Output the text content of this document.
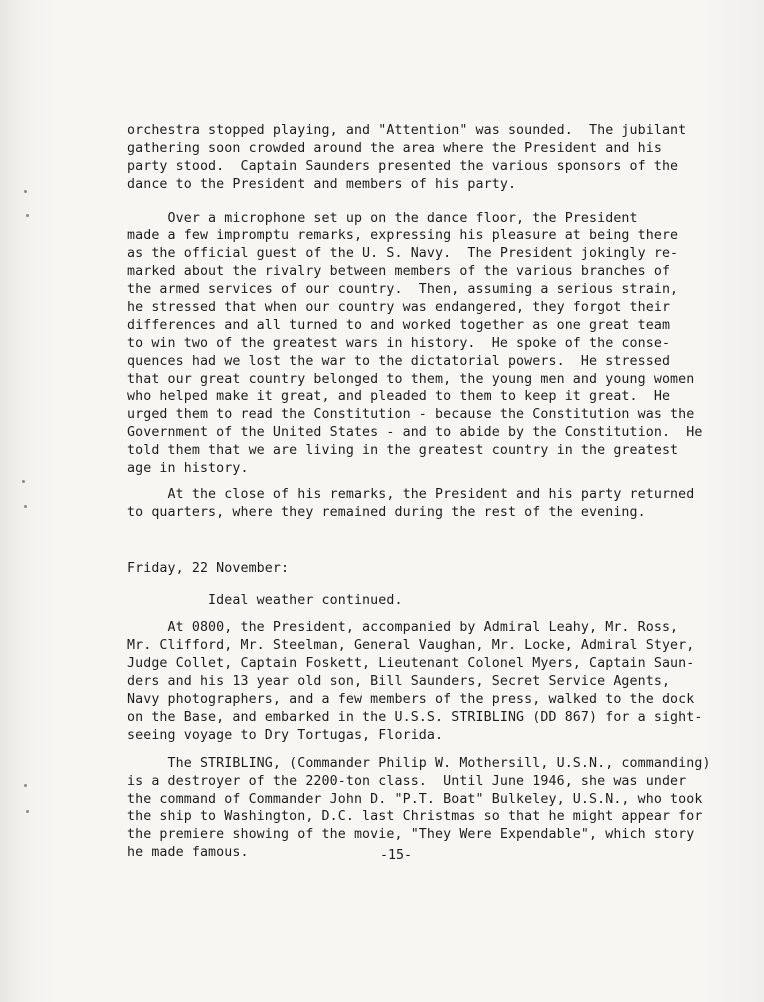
orchestra stopped playing, and "Attention" was sounded.  The jubilant
gathering soon crowded around the area where the President and his
party stood.  Captain Saunders presented the various sponsors of the
dance to the President and members of his party.
Over a microphone set up on the dance floor, the President
made a few impromptu remarks, expressing his pleasure at being there
as the official guest of the U. S. Navy.  The President jokingly re-
marked about the rivalry between members of the various branches of
the armed services of our country.  Then, assuming a serious strain,
he stressed that when our country was endangered, they forgot their
differences and all turned to and worked together as one great team
to win two of the greatest wars in history.  He spoke of the conse-
quences had we lost the war to the dictatorial powers.  He stressed
that our great country belonged to them, the young men and young women
who helped make it great, and pleaded to them to keep it great.  He
urged them to read the Constitution - because the Constitution was the
Government of the United States - and to abide by the Constitution.  He
told them that we are living in the greatest country in the greatest
age in history.
At the close of his remarks, the President and his party returned
to quarters, where they remained during the rest of the evening.
Friday, 22 November:
Ideal weather continued.
At 0800, the President, accompanied by Admiral Leahy, Mr. Ross,
Mr. Clifford, Mr. Steelman, General Vaughan, Mr. Locke, Admiral Styer,
Judge Collet, Captain Foskett, Lieutenant Colonel Myers, Captain Saun-
ders and his 13 year old son, Bill Saunders, Secret Service Agents,
Navy photographers, and a few members of the press, walked to the dock
on the Base, and embarked in the U.S.S. STRIBLING (DD 867) for a sight-
seeing voyage to Dry Tortugas, Florida.
The STRIBLING, (Commander Philip W. Mothersill, U.S.N., commanding)
is a destroyer of the 2200-ton class.  Until June 1946, she was under
the command of Commander John D. "P.T. Boat" Bulkeley, U.S.N., who took
the ship to Washington, D.C. last Christmas so that he might appear for
the premiere showing of the movie, "They Were Expendable", which story
he made famous.	-15-
